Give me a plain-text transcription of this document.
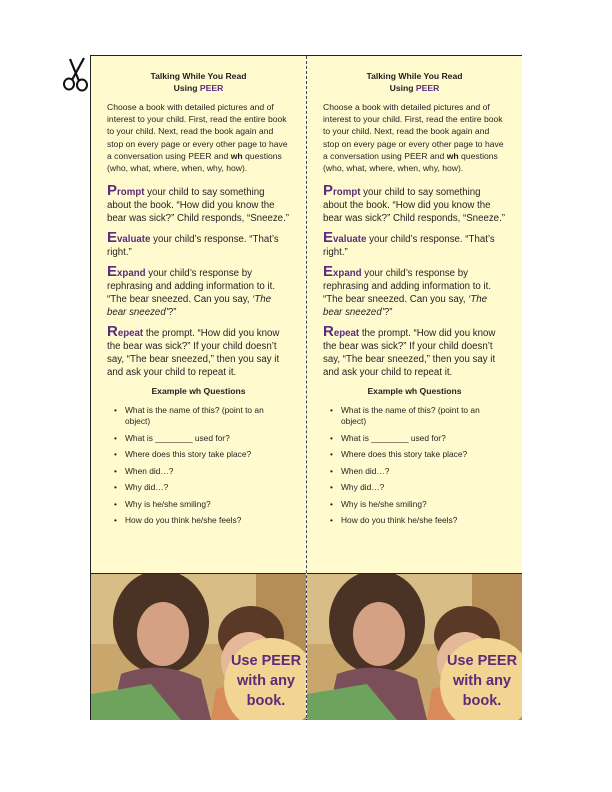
Talking While You Read
Using PEER

Choose a book with detailed pictures and of interest to your child. First, read the entire book to your child. Next, read the book again and stop on every page or every other page to have a conversation using PEER and wh questions (who, what, where, when, why, how).

Prompt your child to say something about the book. “How did you know the bear was sick?” Child responds, “Sneeze.”

Evaluate your child’s response. “That’s right.”

Expand your child’s response by rephrasing and adding information to it. “The bear sneezed. Can you say, ‘The bear sneezed’?”

Repeat the prompt. “How did you know the bear was sick?” If your child doesn’t say, “The bear sneezed,” then you say it and ask your child to repeat it.

Example wh Questions
• What is the name of this? (point to an object)
• What is ________ used for?
• Where does this story take place?
• When did…?
• Why did…?
• Why is he/she smiling?
• How do you think he/she feels?
Use PEER
with any
book.
Talking While You Read
Using PEER

Choose a book with detailed pictures and of interest to your child. First, read the entire book to your child. Next, read the book again and stop on every page or every other page to have a conversation using PEER and wh questions (who, what, where, when, why, how).

Prompt your child to say something about the book. “How did you know the bear was sick?” Child responds, “Sneeze.”

Evaluate your child’s response. “That’s right.”

Expand your child’s response by rephrasing and adding information to it. “The bear sneezed. Can you say, ‘The bear sneezed’?”

Repeat the prompt. “How did you know the bear was sick?” If your child doesn’t say, “The bear sneezed,” then you say it and ask your child to repeat it.

Example wh Questions
• What is the name of this? (point to an object)
• What is ________ used for?
• Where does this story take place?
• When did…?
• Why did…?
• Why is he/she smiling?
• How do you think he/she feels?
Use PEER
with any
book.
